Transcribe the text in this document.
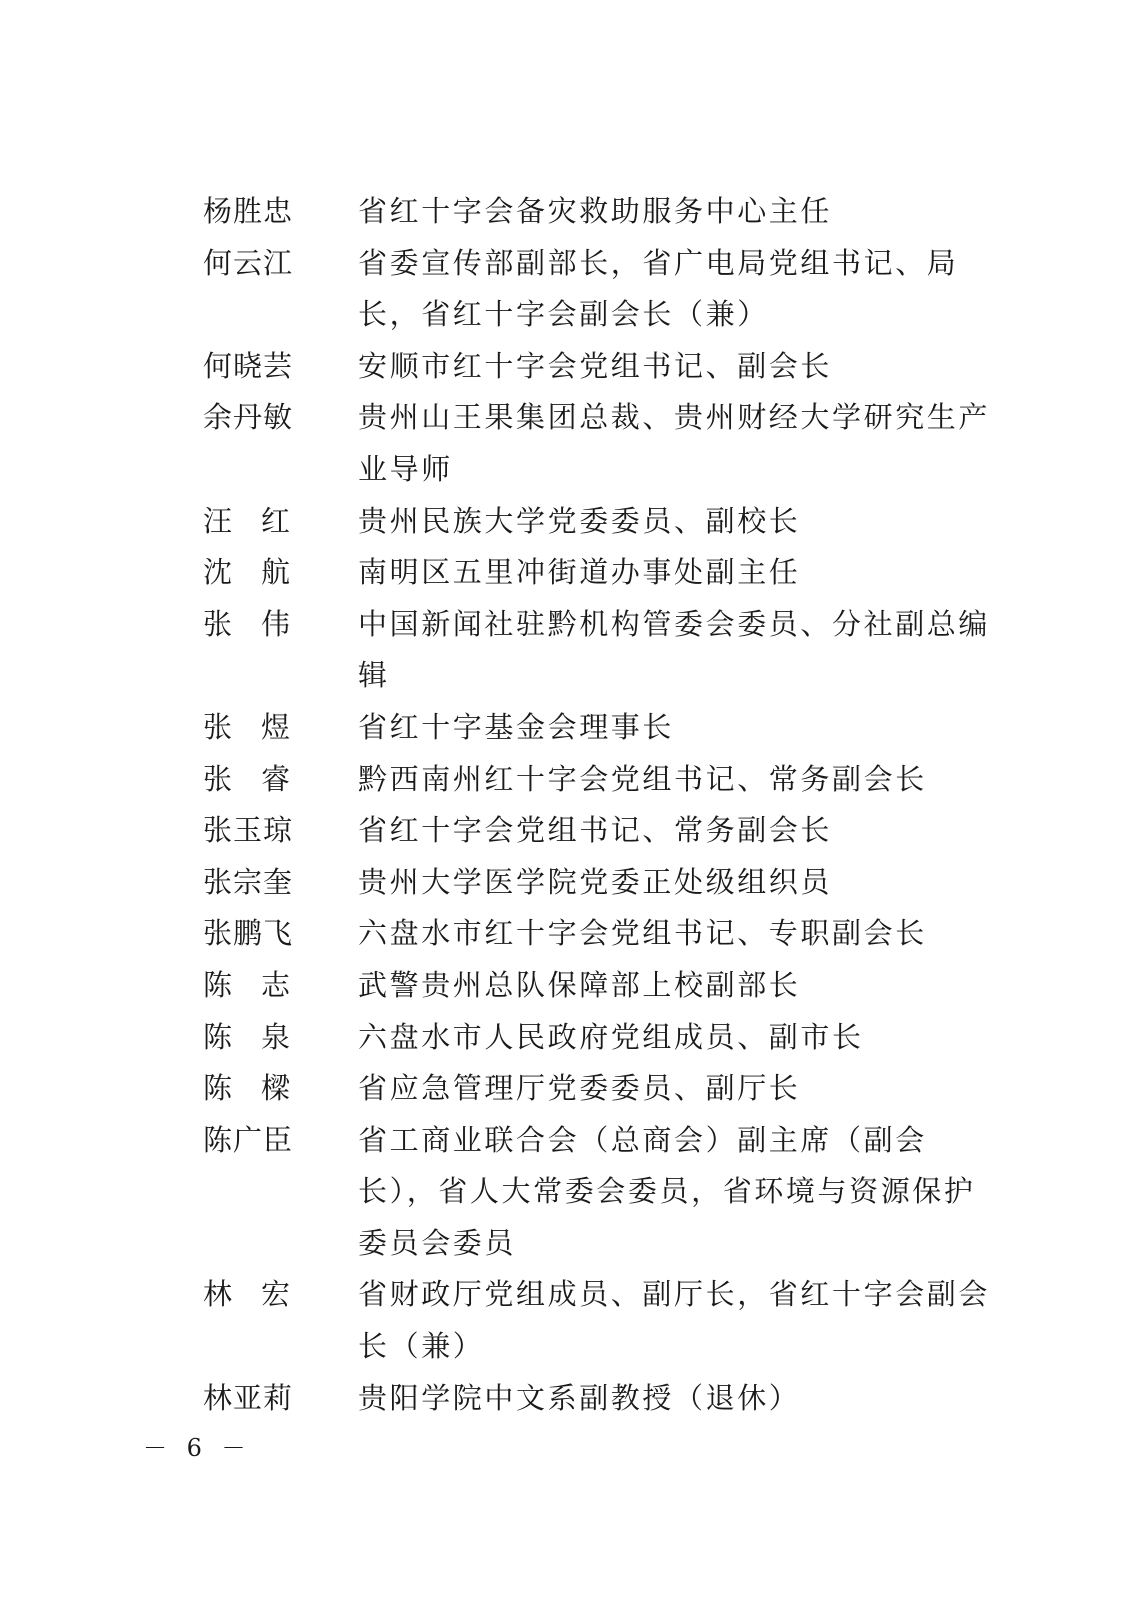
杨胜忠	省红十字会备灾救助服务中心主任
何云江	省委宣传部副部长，省广电局党组书记、局长，省红十字会副会长（兼）
何晓芸	安顺市红十字会党组书记、副会长
余丹敏	贵州山王果集团总裁、贵州财经大学研究生产业导师
汪红	贵州民族大学党委委员、副校长
沈航	南明区五里冲街道办事处副主任
张伟	中国新闻社驻黔机构管委会委员、分社副总编辑
张煜	省红十字基金会理事长
张睿	黔西南州红十字会党组书记、常务副会长
张玉琼	省红十字会党组书记、常务副会长
张宗奎	贵州大学医学院党委正处级组织员
张鹏飞	六盘水市红十字会党组书记、专职副会长
陈志	武警贵州总队保障部上校副部长
陈泉	六盘水市人民政府党组成员、副市长
陈樑	省应急管理厅党委委员、副厅长
陈广臣	省工商业联合会（总商会）副主席（副会长），省人大常委会委员，省环境与资源保护委员会委员
林宏	省财政厅党组成员、副厅长，省红十字会副会长（兼）
林亚莉	贵阳学院中文系副教授（退休）
－ 6 －
